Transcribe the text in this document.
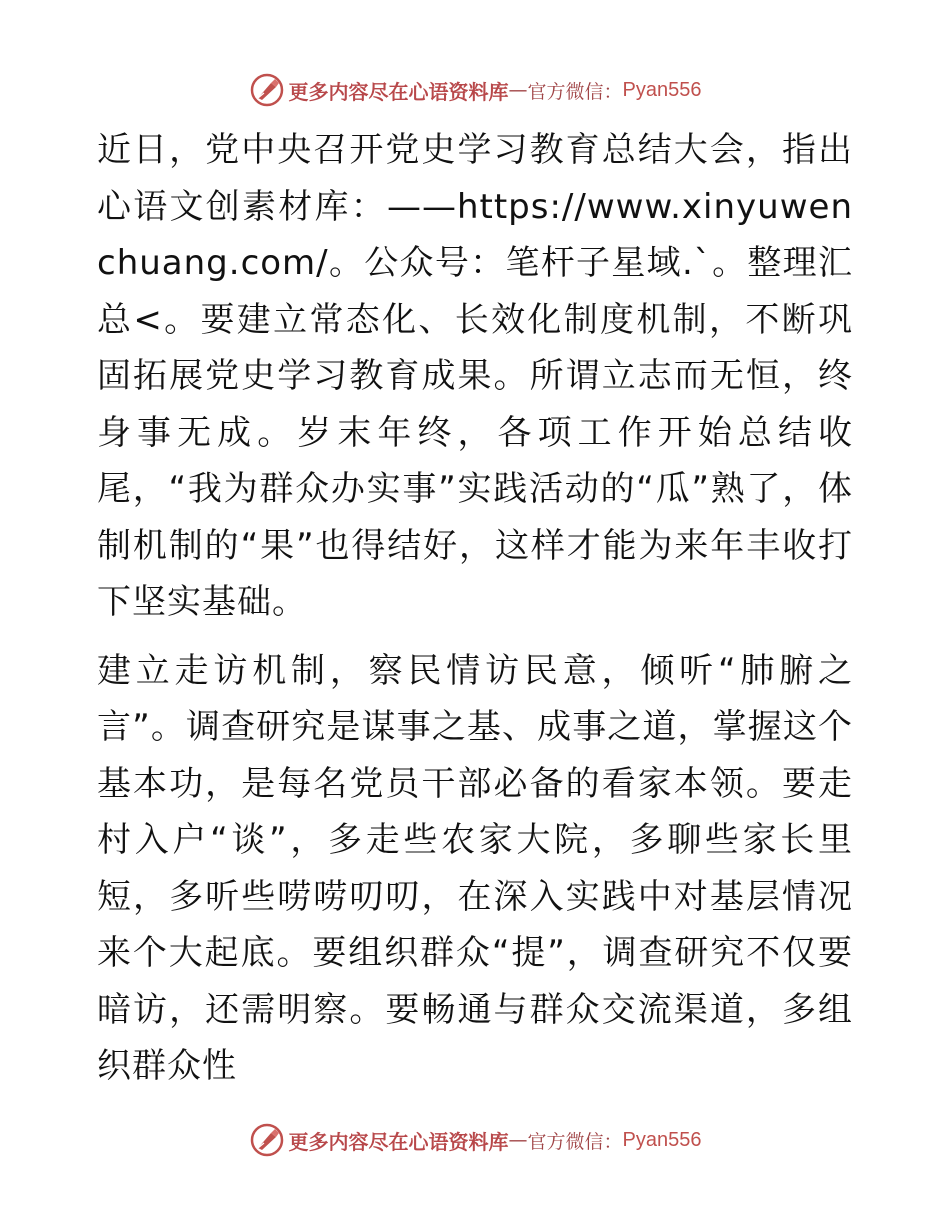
更多内容尽在心语资料库 — 官方微信： Pyan556

近日，党中央召开党史学习教育总结大会，指出心语文创素材库：——https://www.xinyuwenchuang.com/。公众号：笔杆子星域.`。整理汇总<。要建立常态化、长效化制度机制，不断巩固拓展党史学习教育成果。所谓立志而无恒，终身事无成。岁末年终，各项工作开始总结收尾，“我为群众办实事”实践活动的“瓜”熟了，体制机制的“果”也得结好，这样才能为来年丰收打下坚实基础。

建立走访机制，察民情访民意，倾听“肺腑之言”。调查研究是谋事之基、成事之道，掌握这个基本功，是每名党员干部必备的看家本领。要走村入户“谈”，多走些农家大院，多聊些家长里短，多听些唠唠叨叨，在深入实践中对基层情况来个大起底。要组织群众“提”，调查研究不仅要暗访，还需明察。要畅通与群众交流渠道，多组织群众性

更多内容尽在心语资料库 — 官方微信： Pyan556
